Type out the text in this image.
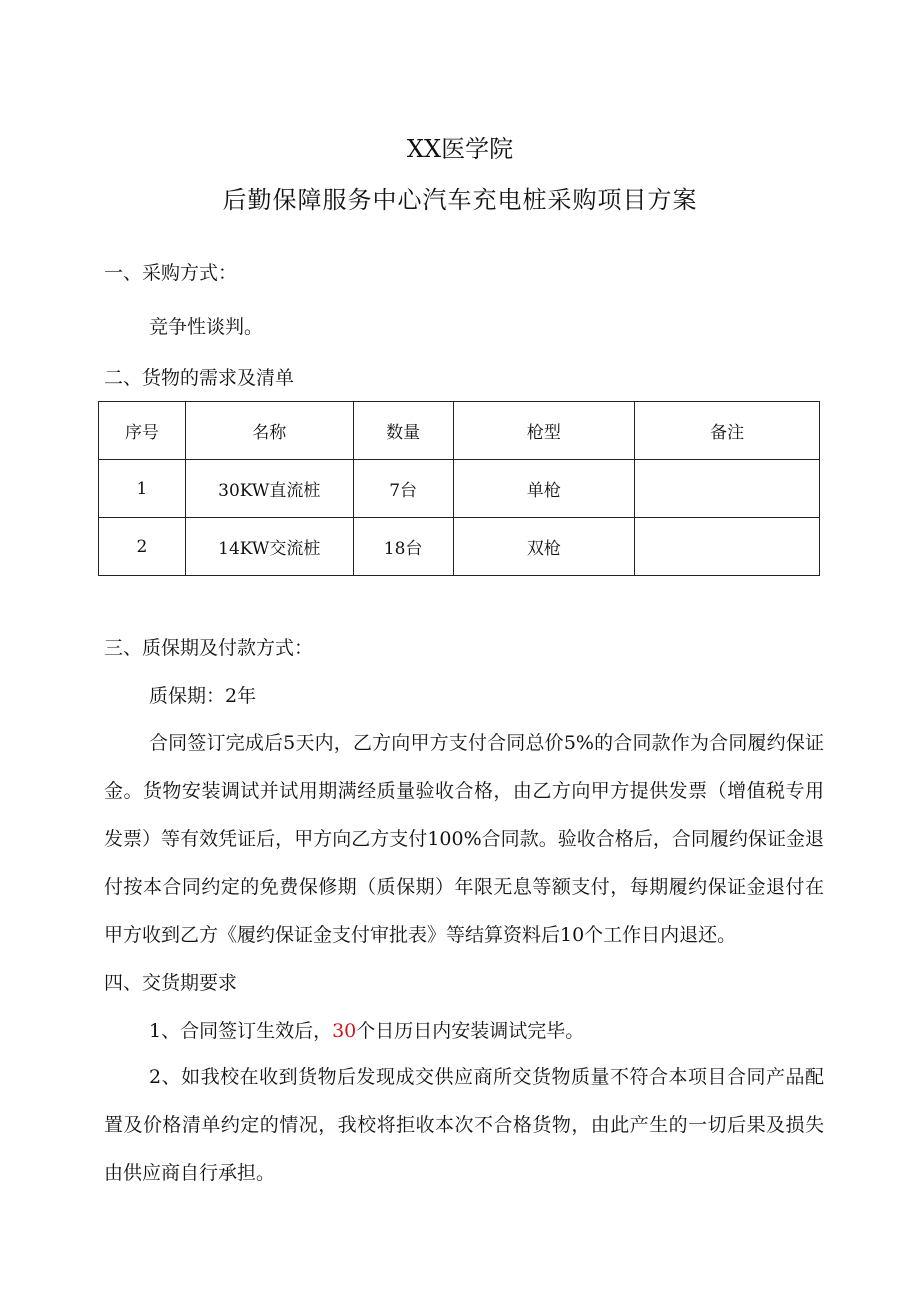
XX医学院
后勤保障服务中心汽车充电桩采购项目方案
一、采购方式：
竞争性谈判。
二、货物的需求及清单
序号	名称	数量	枪型	备注
1	30KW直流桩	7台	单枪	
2	14KW交流桩	18台	双枪	
三、质保期及付款方式：
质保期：2年
合同签订完成后5天内，乙方向甲方支付合同总价5%的合同款作为合同履约保证金。货物安装调试并试用期满经质量验收合格，由乙方向甲方提供发票（增值税专用发票）等有效凭证后，甲方向乙方支付100%合同款。验收合格后，合同履约保证金退付按本合同约定的免费保修期（质保期）年限无息等额支付，每期履约保证金退付在甲方收到乙方《履约保证金支付审批表》等结算资料后10个工作日内退还。
四、交货期要求
1、合同签订生效后，30个日历日内安装调试完毕。
2、如我校在收到货物后发现成交供应商所交货物质量不符合本项目合同产品配置及价格清单约定的情况，我校将拒收本次不合格货物，由此产生的一切后果及损失由供应商自行承担。
